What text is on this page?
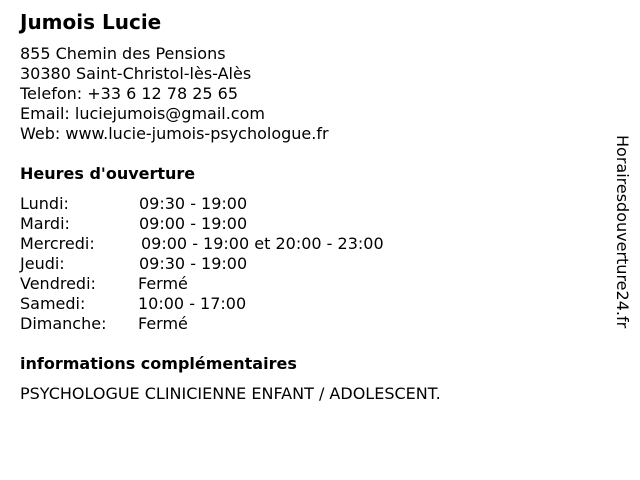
Jumois Lucie
855 Chemin des Pensions
30380 Saint-Christol-lès-Alès
Telefon: +33 6 12 78 25 65
Email: luciejumois@gmail.com
Web: www.lucie-jumois-psychologue.fr
Heures d'ouverture
Lundi:	09:30 - 19:00
Mardi:	09:00 - 19:00
Mercredi:	09:00 - 19:00 et 20:00 - 23:00
Jeudi:	09:30 - 19:00
Vendredi:	Fermé
Samedi:	10:00 - 17:00
Dimanche: Fermé
informations complémentaires
PSYCHOLOGUE CLINICIENNE ENFANT / ADOLESCENT.
Horairesdouverture24.fr
